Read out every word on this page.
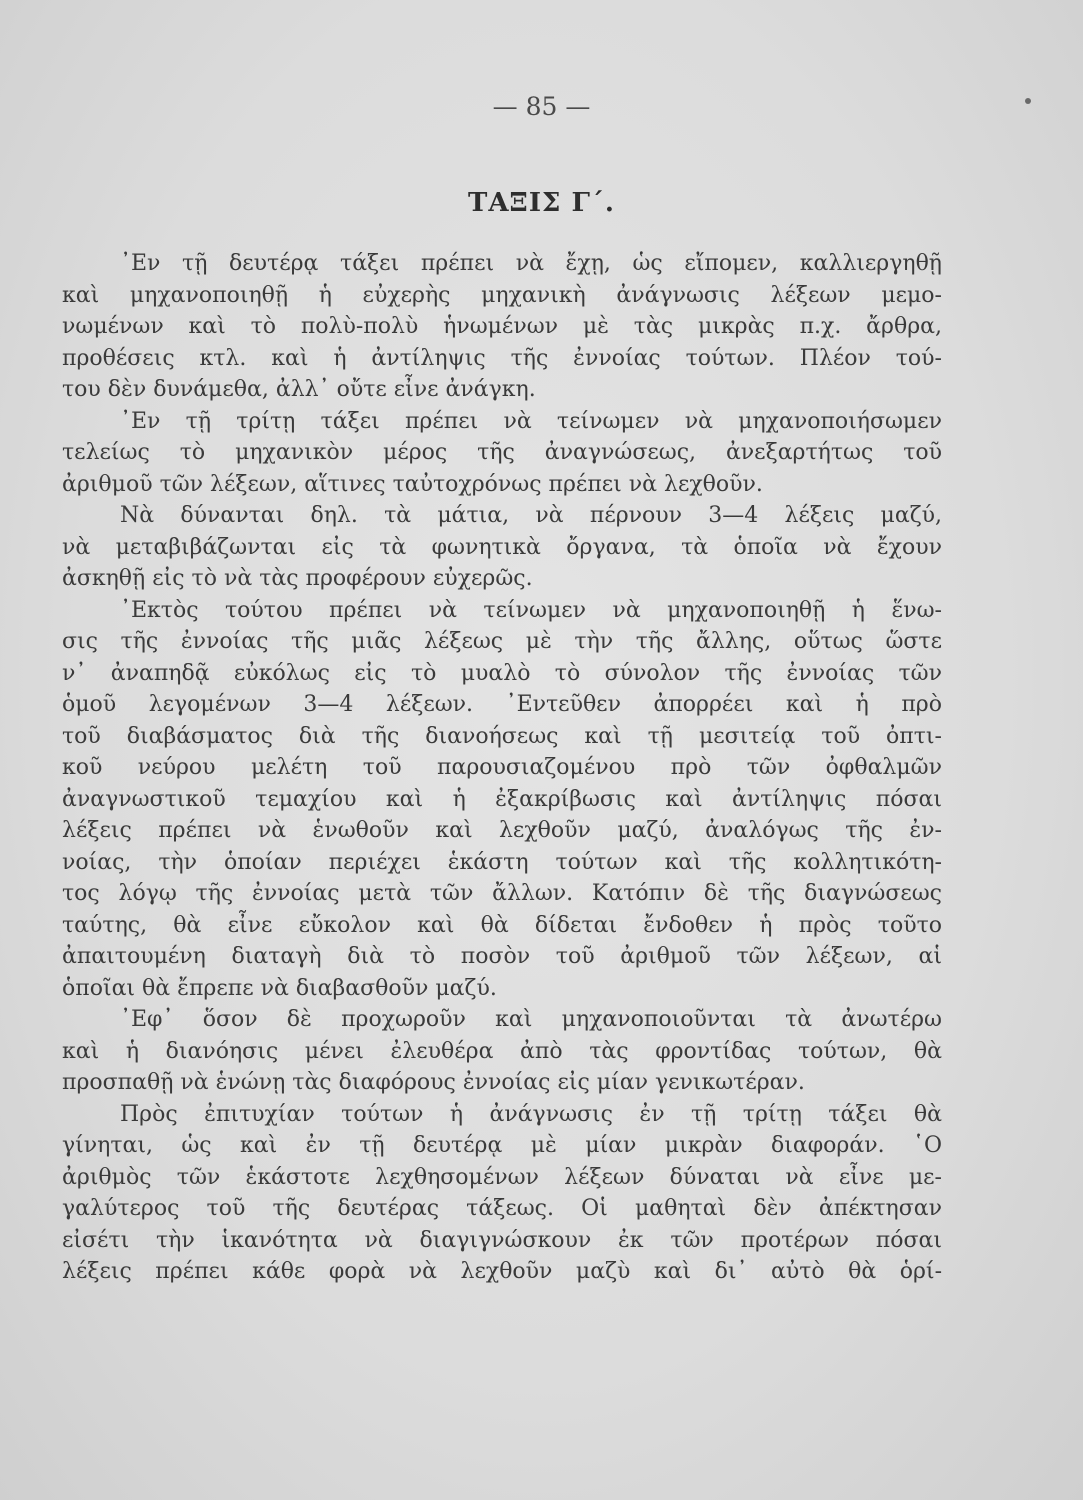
— 85 —
ΤΑΞΙΣ Γ΄.

᾿Εν τῇ δευτέρᾳ τάξει πρέπει νὰ ἔχῃ, ὡς εἴπομεν, καλλιεργηθῇ
καὶ μηχανοποιηθῇ ἡ εὐχερὴς μηχανικὴ ἀνάγνωσις λέξεων μεμο-
νωμένων καὶ τὸ πολὺ-πολὺ ἡνωμένων μὲ τὰς μικρὰς π.χ. ἄρθρα,
προθέσεις κτλ. καὶ ἡ ἀντίληψις τῆς ἐννοίας τούτων. Πλέον τού-
του δὲν δυνάμεθα, ἀλλ᾿ οὔτε εἶνε ἀνάγκη.

᾿Εν τῇ τρίτῃ τάξει πρέπει νὰ τείνωμεν νὰ μηχανοποιήσωμεν
τελείως τὸ μηχανικὸν μέρος τῆς ἀναγνώσεως, ἀνεξαρτήτως τοῦ
ἀριθμοῦ τῶν λέξεων, αἵτινες ταὐτοχρόνως πρέπει νὰ λεχθοῦν.

Νὰ δύνανται δηλ. τὰ μάτια, νὰ πέρνουν 3—4 λέξεις μαζύ,
νὰ μεταβιβάζωνται εἰς τὰ φωνητικὰ ὄργανα, τὰ ὁποῖα νὰ ἔχουν
ἀσκηθῇ εἰς τὸ νὰ τὰς προφέρουν εὐχερῶς.

᾿Εκτὸς τούτου πρέπει νὰ τείνωμεν νὰ μηχανοποιηθῇ ἡ ἕνω-
σις τῆς ἐννοίας τῆς μιᾶς λέξεως μὲ τὴν τῆς ἄλλης, οὕτως ὥστε
ν᾿ ἀναπηδᾷ εὐκόλως εἰς τὸ μυαλὸ τὸ σύνολον τῆς ἐννοίας τῶν
ὁμοῦ λεγομένων 3—4 λέξεων. ᾿Εντεῦθεν ἀπορρέει καὶ ἡ πρὸ
τοῦ διαβάσματος διὰ τῆς διανοήσεως καὶ τῇ μεσιτείᾳ τοῦ ὀπτι-
κοῦ νεύρου μελέτη τοῦ παρουσιαζομένου πρὸ τῶν ὀφθαλμῶν
ἀναγνωστικοῦ τεμαχίου καὶ ἡ ἐξακρίβωσις καὶ ἀντίληψις πόσαι
λέξεις πρέπει νὰ ἑνωθοῦν καὶ λεχθοῦν μαζύ, ἀναλόγως τῆς ἐν-
νοίας, τὴν ὁποίαν περιέχει ἑκάστη τούτων καὶ τῆς κολλητικότη-
τος λόγῳ τῆς ἐννοίας μετὰ τῶν ἄλλων. Κατόπιν δὲ τῆς διαγνώσεως
ταύτης, θὰ εἶνε εὔκολον καὶ θὰ δίδεται ἔνδοθεν ἡ πρὸς τοῦτο
ἀπαιτουμένη διαταγὴ διὰ τὸ ποσὸν τοῦ ἀριθμοῦ τῶν λέξεων, αἱ
ὁποῖαι θὰ ἔπρεπε νὰ διαβασθοῦν μαζύ.

᾿Εφ᾿ ὅσον δὲ προχωροῦν καὶ μηχανοποιοῦνται τὰ ἀνωτέρω
καὶ ἡ διανόησις μένει ἐλευθέρα ἀπὸ τὰς φροντίδας τούτων, θὰ
προσπαθῇ νὰ ἑνώνῃ τὰς διαφόρους ἐννοίας εἰς μίαν γενικωτέραν.

Πρὸς ἐπιτυχίαν τούτων ἡ ἀνάγνωσις ἐν τῇ τρίτῃ τάξει θὰ
γίνηται, ὡς καὶ ἐν τῇ δευτέρᾳ μὲ μίαν μικρὰν διαφοράν. ῾Ο
ἀριθμὸς τῶν ἑκάστοτε λεχθησομένων λέξεων δύναται νὰ εἶνε με-
γαλύτερος τοῦ τῆς δευτέρας τάξεως. Οἱ μαθηταὶ δὲν ἀπέκτησαν
εἰσέτι τὴν ἱκανότητα νὰ διαγιγνώσκουν ἐκ τῶν προτέρων πόσαι
λέξεις πρέπει κάθε φορὰ νὰ λεχθοῦν μαζὺ καὶ δι᾿ αὐτὸ θὰ ὁρί-
